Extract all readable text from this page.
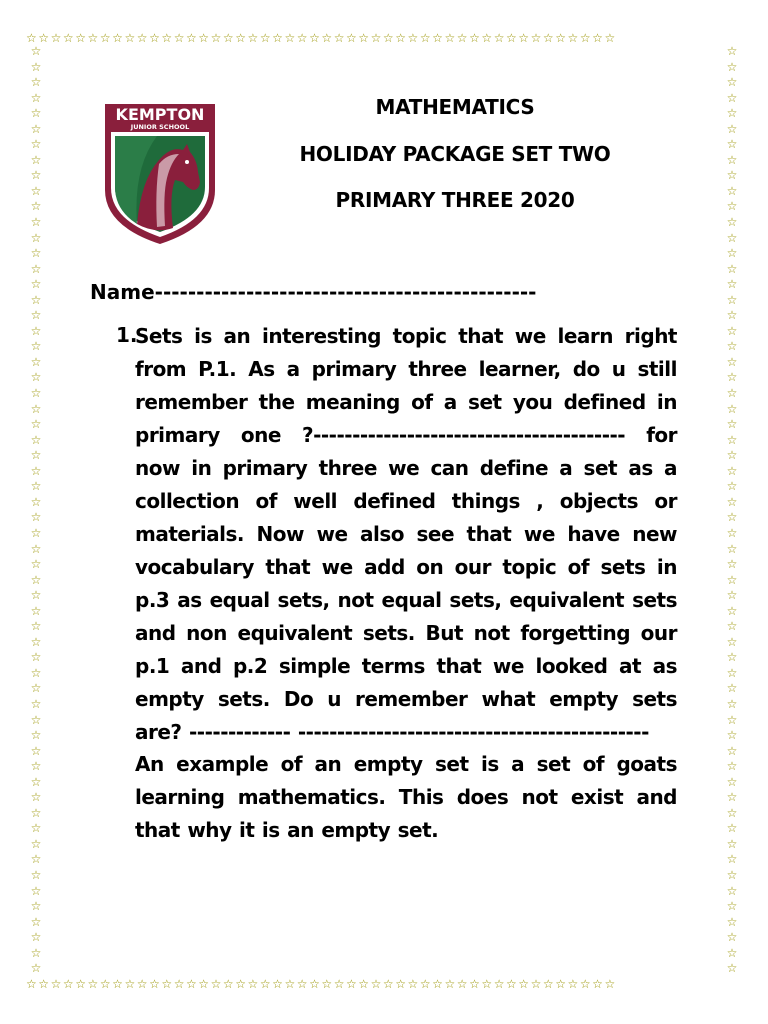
☆☆☆☆☆☆☆☆☆☆☆☆☆☆☆☆☆☆☆☆☆☆☆☆☆☆☆☆☆☆☆☆☆☆☆☆☆☆☆☆☆☆☆☆☆☆☆☆
☆☆☆☆☆☆☆☆☆☆☆☆☆☆☆☆☆☆☆☆☆☆☆☆☆☆☆☆☆☆☆☆☆☆☆☆☆☆☆☆☆☆☆☆☆☆☆☆
☆
☆
☆
☆
☆
☆
☆
☆
☆
☆
☆
☆
☆
☆
☆
☆
☆
☆
☆
☆
☆
☆
☆
☆
☆
☆
☆
☆
☆
☆
☆
☆
☆
☆
☆
☆
☆
☆
☆
☆
☆
☆
☆
☆
☆
☆
☆
☆
☆
☆
☆
☆
☆
☆
☆
☆
☆
☆
☆
☆
☆
☆
☆
☆
☆
☆
☆
☆
☆
☆
☆
☆
☆
☆
☆
☆
☆
☆
☆
☆
☆
☆
☆
☆
☆
☆
☆
☆
☆
☆
☆
☆
☆
☆
☆
☆
☆
☆
☆
☆
☆
☆
☆
☆
☆
☆
☆
☆
☆
☆
☆
☆
☆
☆
☆
☆
☆
☆
☆
☆
KEMPTON
JUNIOR SCHOOL
MATHEMATICS
HOLIDAY PACKAGE SET TWO
PRIMARY THREE 2020
Name----------------------------------------------
1.

Sets is an interesting topic that we learn right from P.1. As a primary three learner, do u still remember the meaning of a set you defined in primary one ?---------------------------------------- for now in primary three we can define a set as a collection of well defined things , objects or materials. Now we also see that we have new vocabulary that we add on our topic of sets in p.3 as equal sets, not equal sets, equivalent sets and non equivalent sets. But not forgetting our p.1 and p.2 simple terms that we looked at as empty sets. Do u remember what empty sets are? ------------- ---------------------------------------------

An example of an empty set is a set of goats learning mathematics. This does not exist and that why it is an empty set.
